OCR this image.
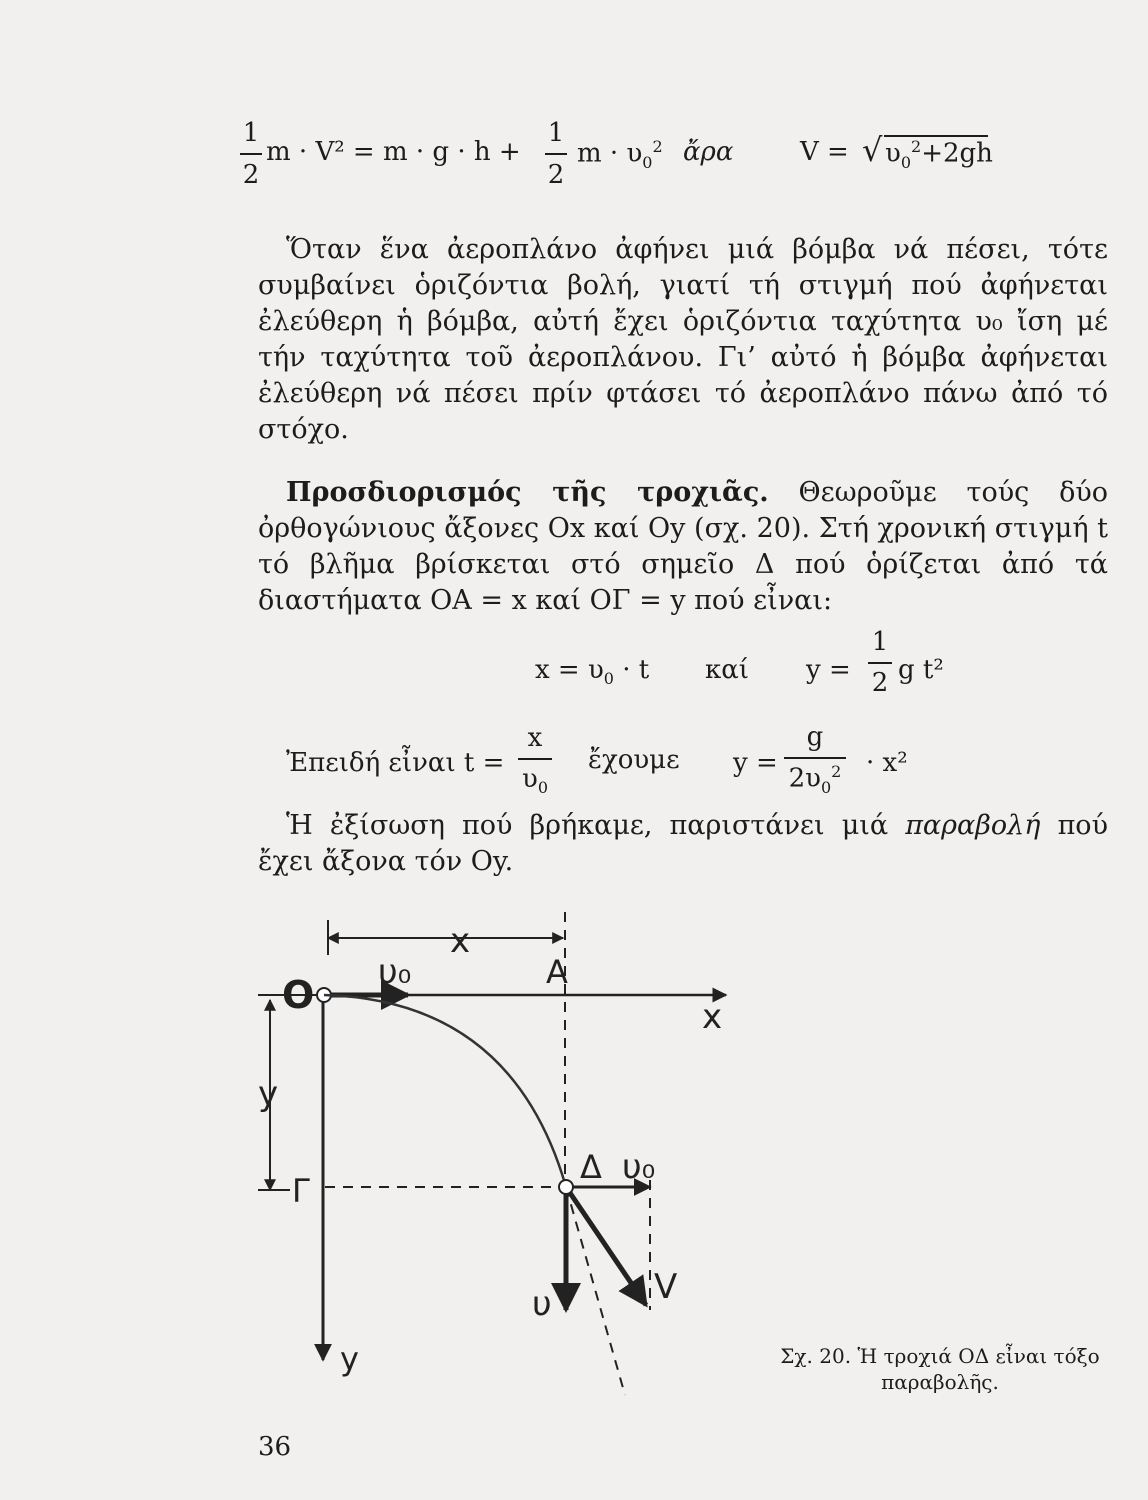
1
2
m · V² = m · g · h +
1
2
$m \cdot \upsilon_0^2$ ἄρα	V = √ $\upsilon_0^2+2gh$
Ὅταν ἕνα ἀεροπλάνο ἀφήνει μιά βόμβα νά πέσει, τότε συμβαίνει ὁριζόντια βολή, γιατί τή στιγμή πού ἀφήνεται ἐλεύθερη ἡ βόμβα, αὐτή ἔχει ὁριζόντια ταχύτητα υ₀ ἴση μέ τήν ταχύτητα τοῦ ἀεροπλάνου. Γι’ αὐτό ἡ βόμβα ἀφήνεται ἐλεύθερη νά πέσει πρίν φτάσει τό ἀεροπλάνο πάνω ἀπό τό στόχο.
Προσδιορισμός τῆς τροχιᾶς. Θεωροῦμε τούς δύο ὀρθογώνιους ἄξονες Οx καί Oy (σχ. 20). Στή χρονική στιγμή t τό βλῆμα βρίσκεται στό σημεῖο Δ πού ὁρίζεται ἀπό τά διαστήματα ΟΑ = x καί ΟΓ = y πού εἶναι:
$x = \upsilon_0 \cdot t$ καί y =
1
2 g t²
Ἐπειδή εἶναι t =
x
$\upsilon_0$
ἔχουμε y =
g
$2\upsilon_0^2 \cdot x^2$
Ἡ ἐξίσωση πού βρήκαμε, παριστάνει μιά παραβολή πού ἔχει ἄξονα τόν Oy.
x
υ₀	A
x
y
O
y
Γ
Δ υ₀
υ	V
Σχ. 20. Ἡ τροχιά ΟΔ εἶναι τόξο
παραβολῆς.
36
